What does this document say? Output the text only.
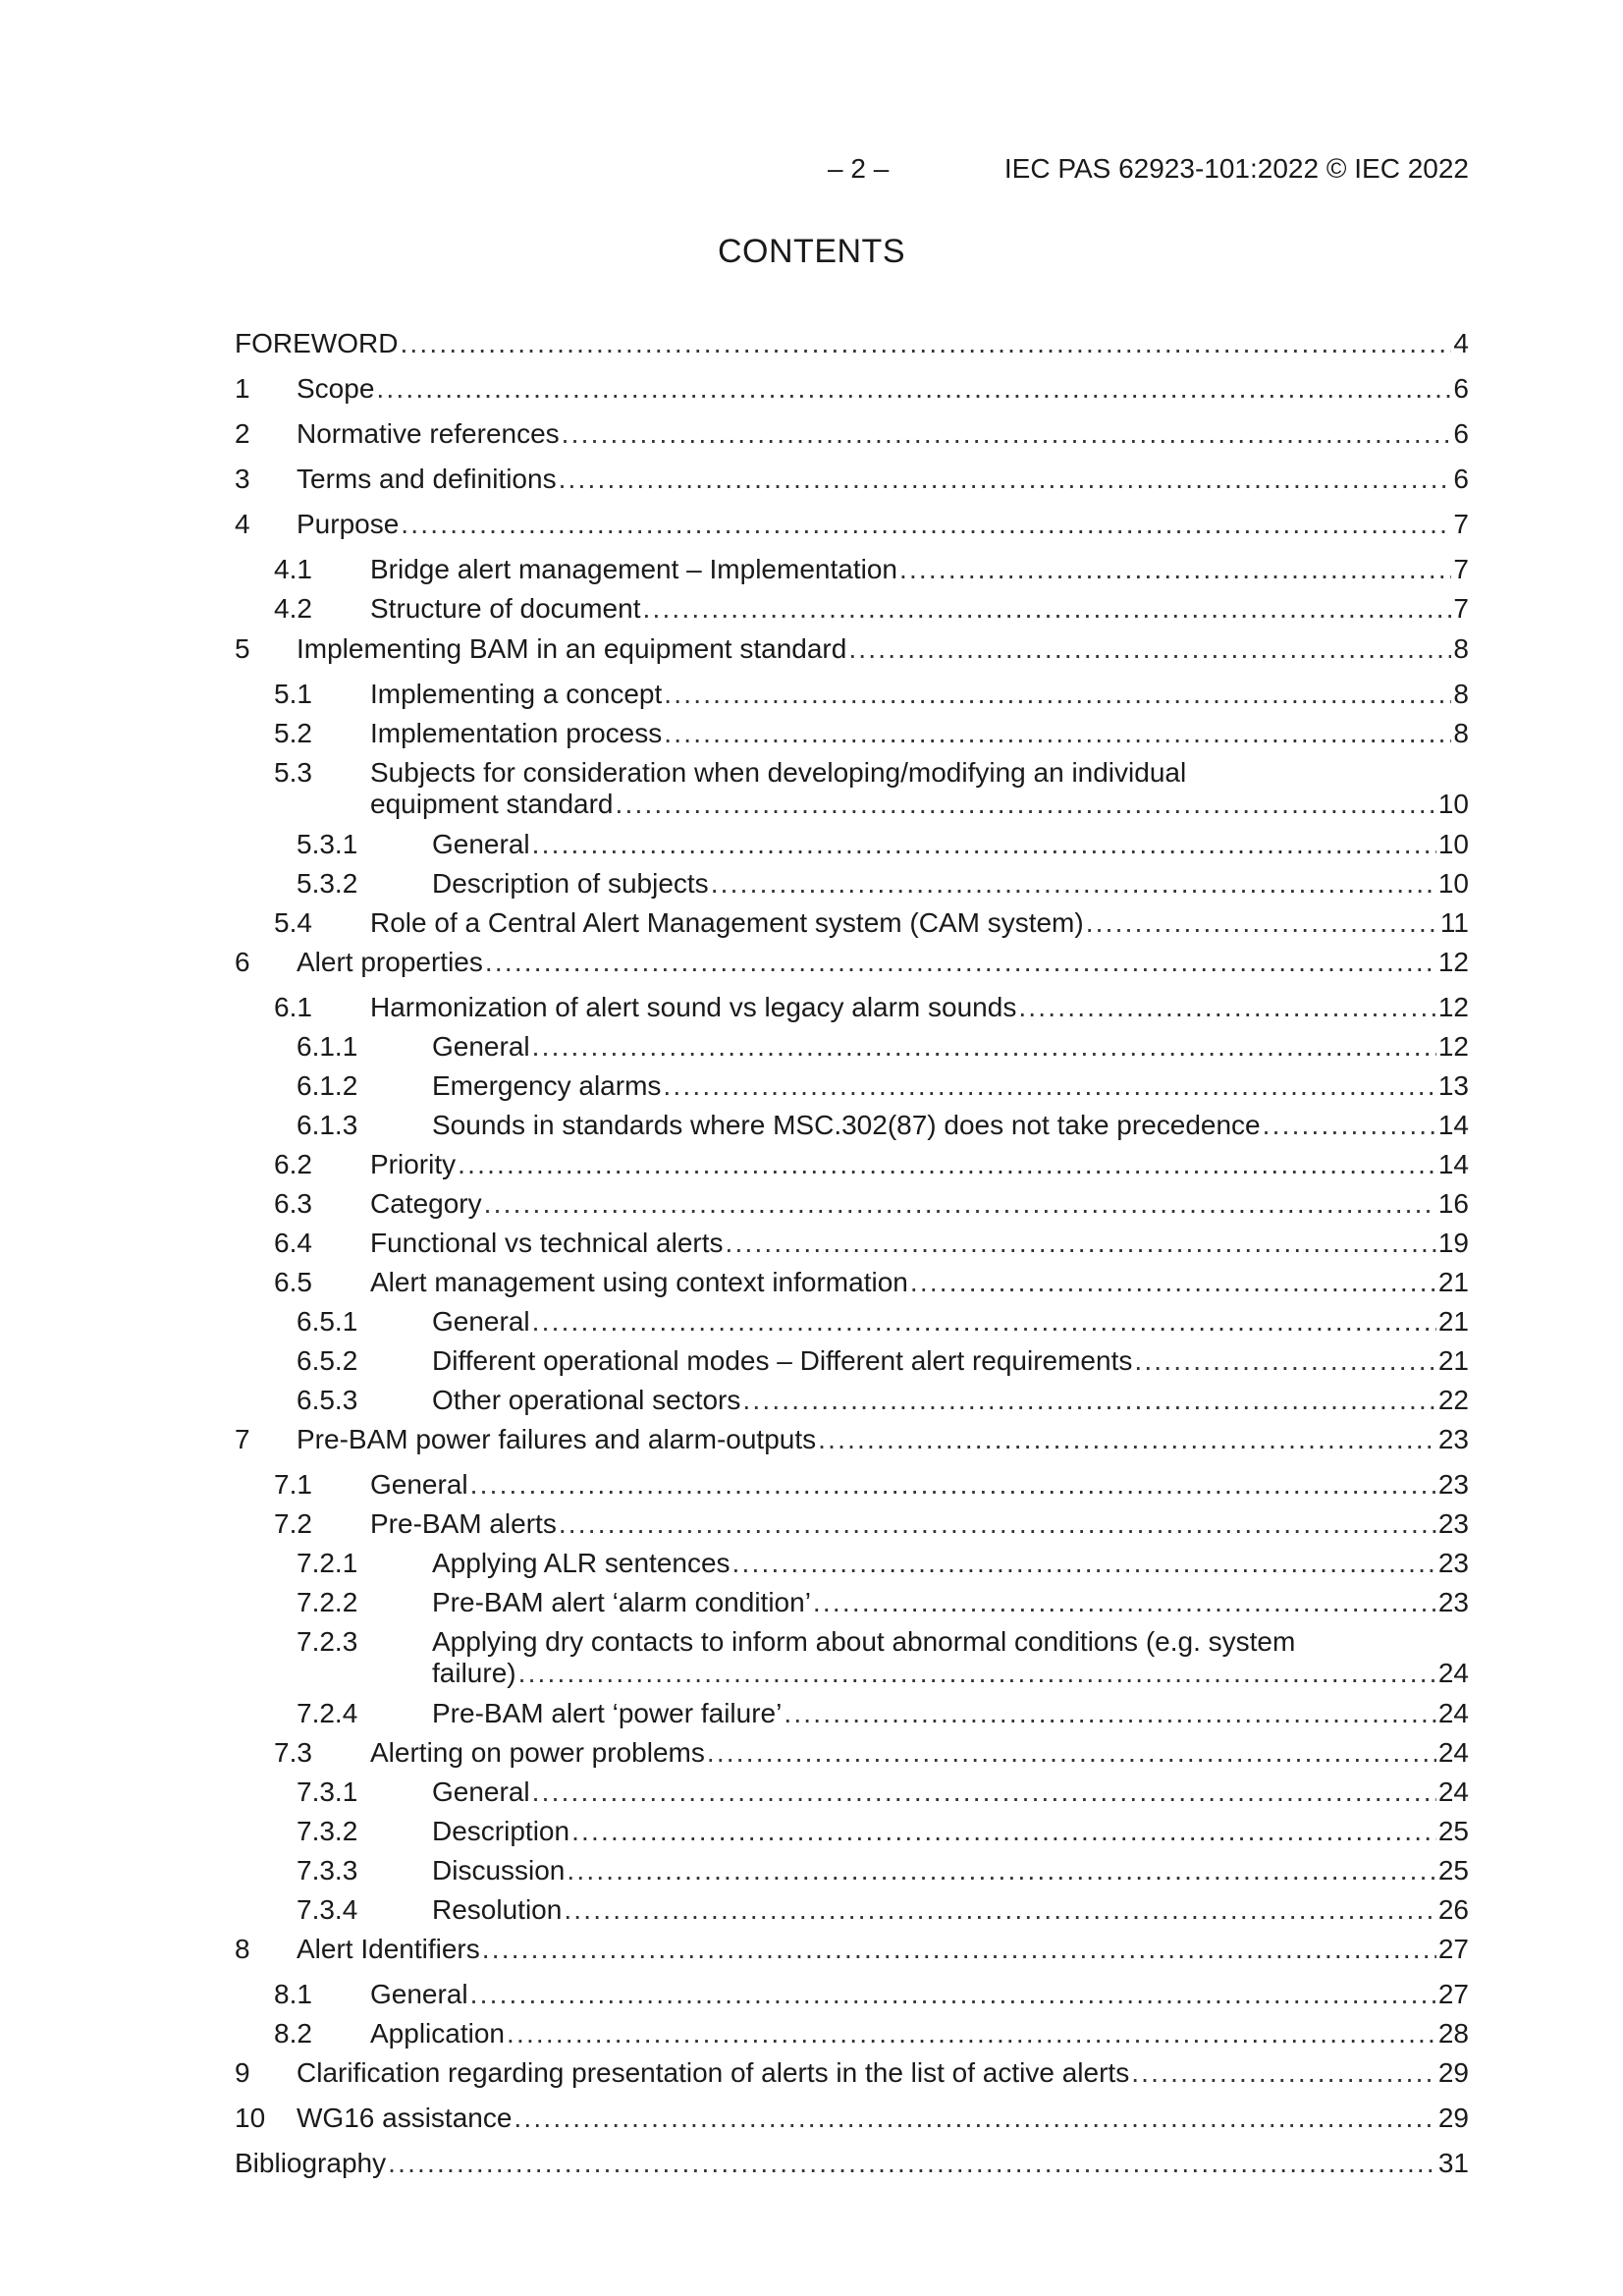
– 2 –	IEC PAS 62923-101:2022 © IEC 2022
CONTENTS
FOREWORD .....	4
1 Scope .....	6
2 Normative references .....	6
3 Terms and definitions .....	6
4 Purpose .....	7
4.1 Bridge alert management – Implementation .....	7
4.2 Structure of document .....	7
5 Implementing BAM in an equipment standard .....	8
5.1 Implementing a concept .....	8
5.2 Implementation process .....	8
5.3 Subjects for consideration when developing/modifying an individual
equipment standard .....	10
5.3.1	General .....	10
5.3.2	Description of subjects .....	10
5.4 Role of a Central Alert Management system (CAM system) .....	11
6 Alert properties .....	12
6.1 Harmonization of alert sound vs legacy alarm sounds .....	12
6.1.1	General .....	12
6.1.2	Emergency alarms .....	13
6.1.3	Sounds in standards where MSC.302(87) does not take precedence .....	14
6.2 Priority .....	14
6.3 Category .....	16
6.4 Functional vs technical alerts .....	19
6.5 Alert management using context information .....	21
6.5.1	General .....	21
6.5.2	Different operational modes – Different alert requirements .....	21
6.5.3	Other operational sectors .....	22
7 Pre-BAM power failures and alarm-outputs .....	23
7.1 General .....	23
7.2 Pre-BAM alerts .....	23
7.2.1	Applying ALR sentences .....	23
7.2.2	Pre-BAM alert ‘alarm condition’ .....	23
7.2.3	Applying dry contacts to inform about abnormal conditions (e.g. system
failure) .....	24
7.2.4	Pre-BAM alert ‘power failure’ .....	24
7.3 Alerting on power problems .....	24
7.3.1	General .....	24
7.3.2	Description .....	25
7.3.3	Discussion .....	25
7.3.4	Resolution .....	26
8 Alert Identifiers .....	27
8.1 General .....	27
8.2 Application .....	28
9 Clarification regarding presentation of alerts in the list of active alerts .....	29
10 WG16 assistance .....	29
Bibliography .....	31
